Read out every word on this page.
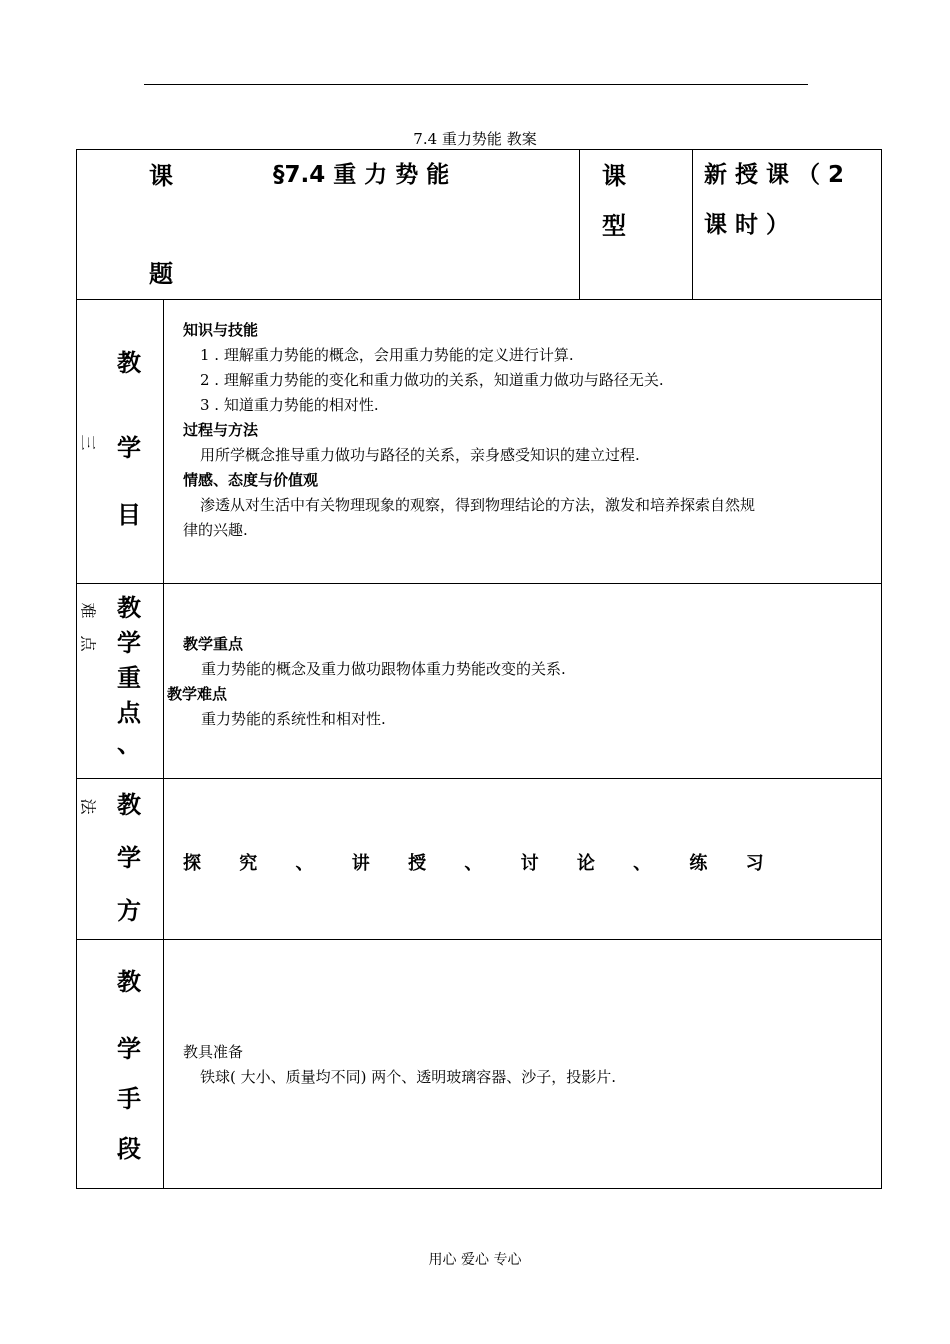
7.4 重力势能 教案
课
题
§7.4 重 力 势 能	课
型
新 授 课 （ 2
课 时 ）
教
学
目
三
知识与技能
1 . 理解重力势能的概念，会用重力势能的定义进行计算.
2 . 理解重力势能的变化和重力做功的关系，知道重力做功与路径无关.
3 . 知道重力势能的相对性.
过程与方法
用所学概念推导重力做功与路径的关系，亲身感受知识的建立过程.
情感、态度与价值观
渗透从对生活中有关物理现象的观察，得到物理结论的方法，激发和培养探索自然规
律的兴趣.
教
学
重
点
、
难
点	教学重点
重力势能的概念及重力做功跟物体重力势能改变的关系.
教学难点
重力势能的系统性和相对性.
教
学
方
法
探 究 、 讲 授 、 讨 论 、 练 习
教
学
手
段
教具准备
铁球( 大小、质量均不同) 两个、透明玻璃容器、沙子，投影片.
用心 爱心 专心
